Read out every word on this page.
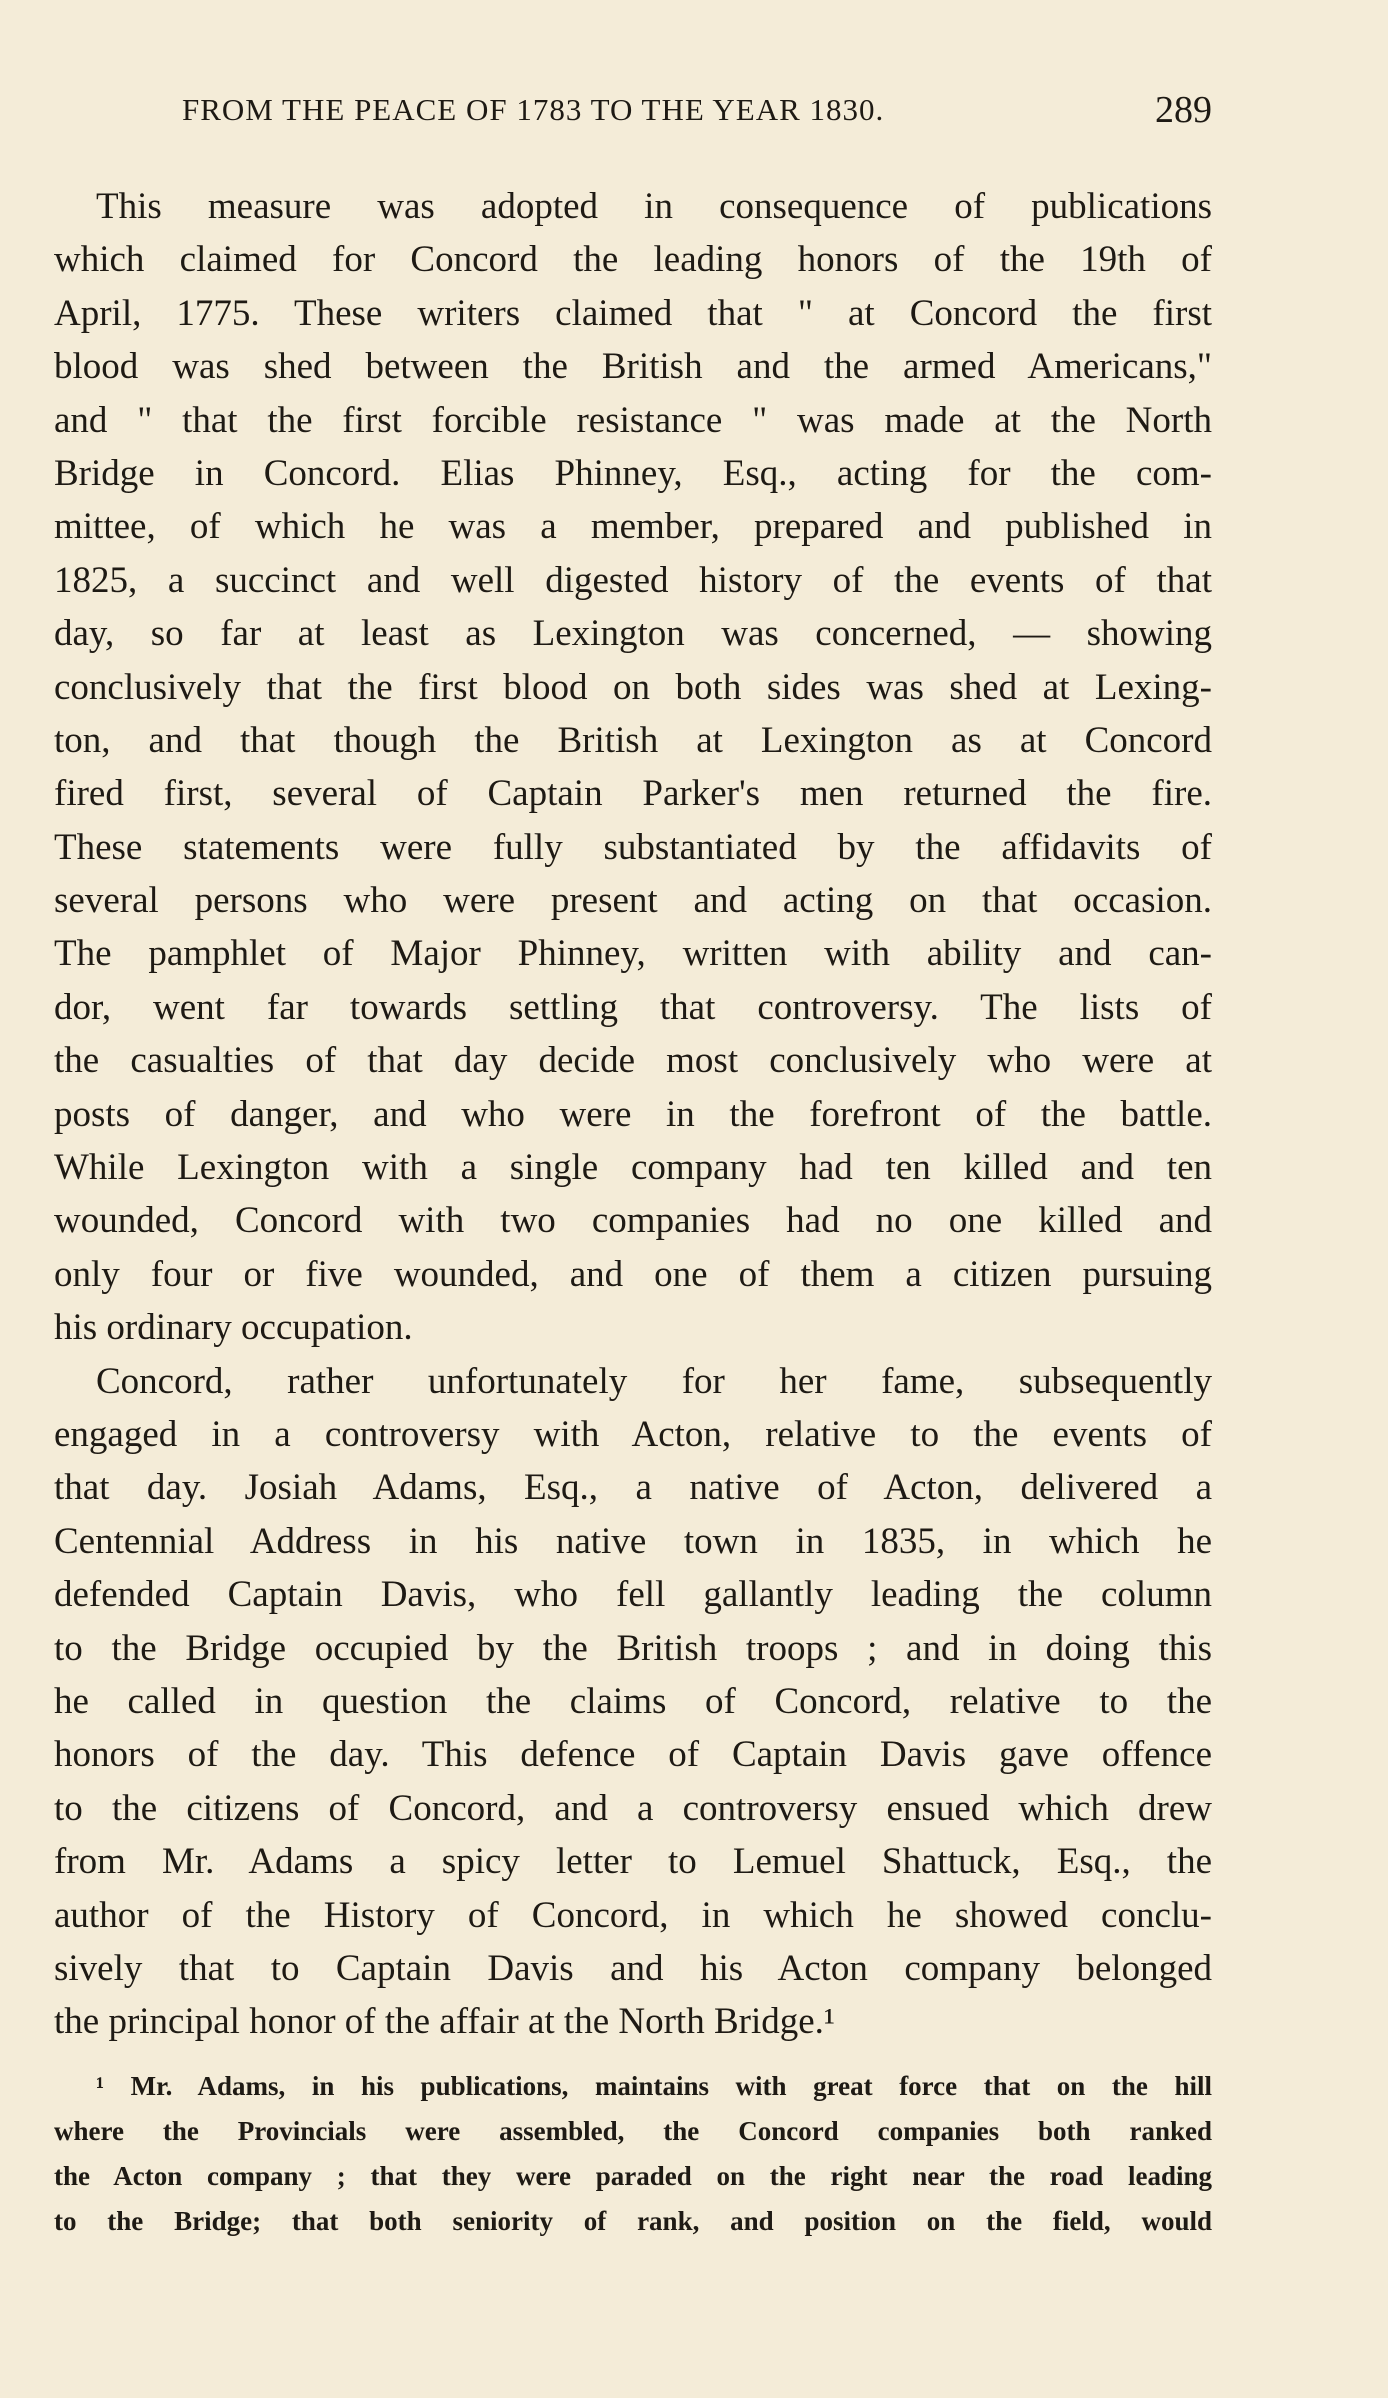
FROM THE PEACE OF 1783 TO THE YEAR 1830.	289
This measure was adopted in consequence of publications
which claimed for Concord the leading honors of the 19th of
April, 1775. These writers claimed that " at Concord the first
blood was shed between the British and the armed Americans,"
and " that the first forcible resistance " was made at the North
Bridge in Concord. Elias Phinney, Esq., acting for the com-
mittee, of which he was a member, prepared and published in
1825, a succinct and well digested history of the events of that
day, so far at least as Lexington was concerned, — showing
conclusively that the first blood on both sides was shed at Lexing-
ton, and that though the British at Lexington as at Concord
fired first, several of Captain Parker's men returned the fire.
These statements were fully substantiated by the affidavits of
several persons who were present and acting on that occasion.
The pamphlet of Major Phinney, written with ability and can-
dor, went far towards settling that controversy. The lists of
the casualties of that day decide most conclusively who were at
posts of danger, and who were in the forefront of the battle.
While Lexington with a single company had ten killed and ten
wounded, Concord with two companies had no one killed and
only four or five wounded, and one of them a citizen pursuing
his ordinary occupation.
Concord, rather unfortunately for her fame, subsequently
engaged in a controversy with Acton, relative to the events of
that day. Josiah Adams, Esq., a native of Acton, delivered a
Centennial Address in his native town in 1835, in which he
defended Captain Davis, who fell gallantly leading the column
to the Bridge occupied by the British troops ; and in doing this
he called in question the claims of Concord, relative to the
honors of the day. This defence of Captain Davis gave offence
to the citizens of Concord, and a controversy ensued which drew
from Mr. Adams a spicy letter to Lemuel Shattuck, Esq., the
author of the History of Concord, in which he showed conclu-
sively that to Captain Davis and his Acton company belonged
the principal honor of the affair at the North Bridge.¹
¹ Mr. Adams, in his publications, maintains with great force that on the hill
where the Provincials were assembled, the Concord companies both ranked
the Acton company ; that they were paraded on the right near the road leading
to the Bridge; that both seniority of rank, and position on the field, would
